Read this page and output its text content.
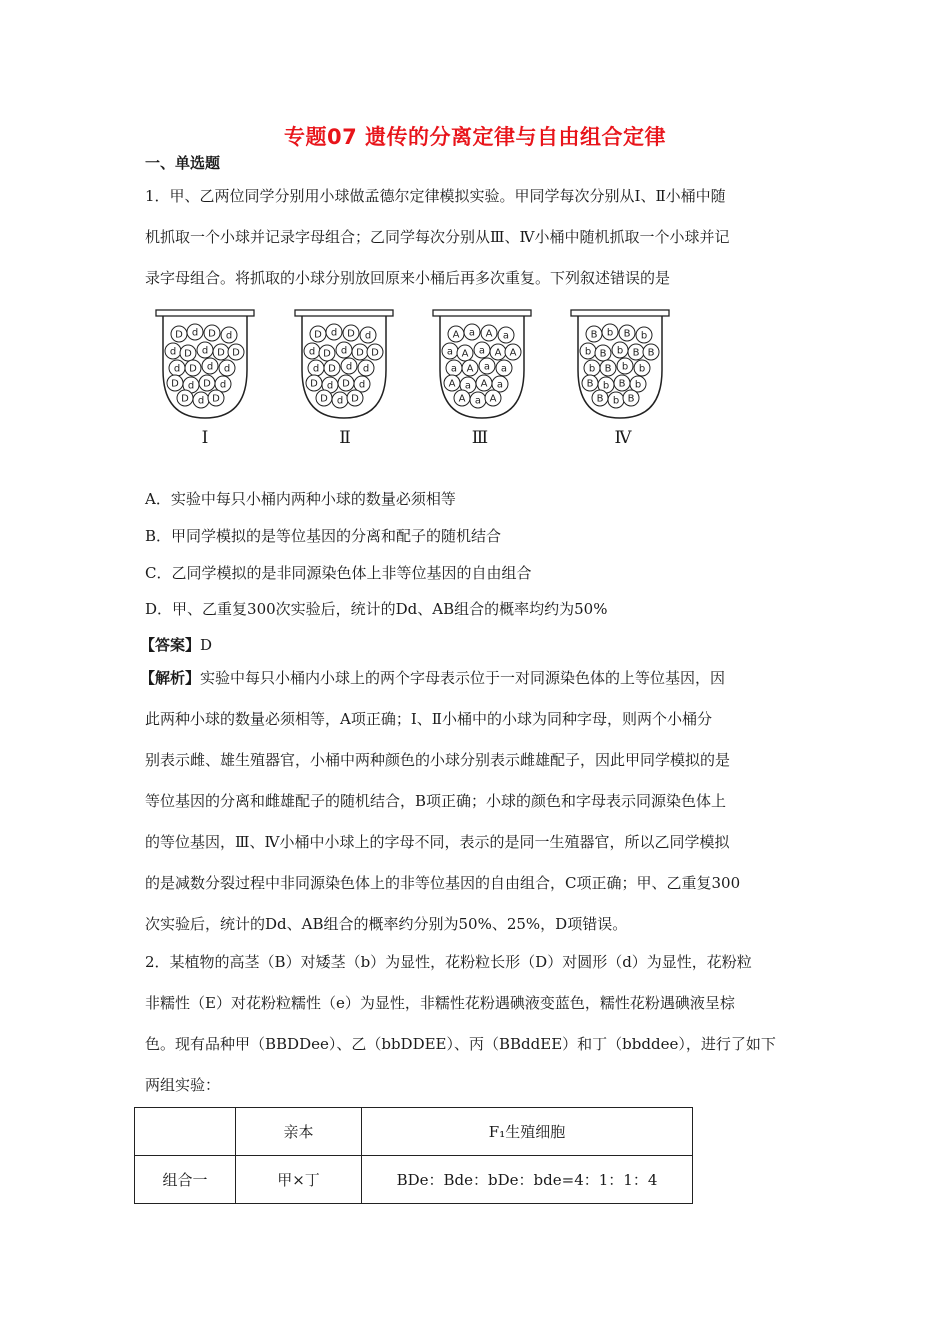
专题07 遗传的分离定律与自由组合定律
一、单选题
1．甲、乙两位同学分别用小球做孟德尔定律模拟实验。甲同学每次分别从Ⅰ、Ⅱ小桶中随
机抓取一个小球并记录字母组合；乙同学每次分别从Ⅲ、Ⅳ小桶中随机抓取一个小球并记
录字母组合。将抓取的小球分别放回原来小桶后再多次重复。下列叙述错误的是
D d D d
d D d D D
d D d d
D d D d
D d D
D d D d
d D d D D
d D d d
D d D d
D d D
A a A a
a A a A A
a A a a
A a A a
A a A
B b B b
b B b B B
b B b b
B b B b
B b B
Ⅰ	Ⅱ	Ⅲ	Ⅳ
A．实验中每只小桶内两种小球的数量必须相等
B．甲同学模拟的是等位基因的分离和配子的随机结合
C．乙同学模拟的是非同源染色体上非等位基因的自由组合
D．甲、乙重复300次实验后，统计的Dd、AB组合的概率均约为50%
【答案】D
【解析】实验中每只小桶内小球上的两个字母表示位于一对同源染色体的上等位基因，因
此两种小球的数量必须相等，A项正确；Ⅰ、Ⅱ小桶中的小球为同种字母，则两个小桶分
别表示雌、雄生殖器官，小桶中两种颜色的小球分别表示雌雄配子，因此甲同学模拟的是
等位基因的分离和雌雄配子的随机结合，B项正确；小球的颜色和字母表示同源染色体上
的等位基因，Ⅲ、Ⅳ小桶中小球上的字母不同，表示的是同一生殖器官，所以乙同学模拟
的是减数分裂过程中非同源染色体上的非等位基因的自由组合，C项正确；甲、乙重复300
次实验后，统计的Dd、AB组合的概率约分别为50%、25%，D项错误。
2．某植物的高茎（B）对矮茎（b）为显性，花粉粒长形（D）对圆形（d）为显性，花粉粒
非糯性（E）对花粉粒糯性（e）为显性，非糯性花粉遇碘液变蓝色，糯性花粉遇碘液呈棕
色。现有品种甲（BBDDee）、乙（bbDDEE）、丙（BBddEE）和丁（bbddee），进行了如下
两组实验：
	亲本	F₁生殖细胞
组合一	甲×丁	BDe：Bde：bDe：bde=4：1：1：4
